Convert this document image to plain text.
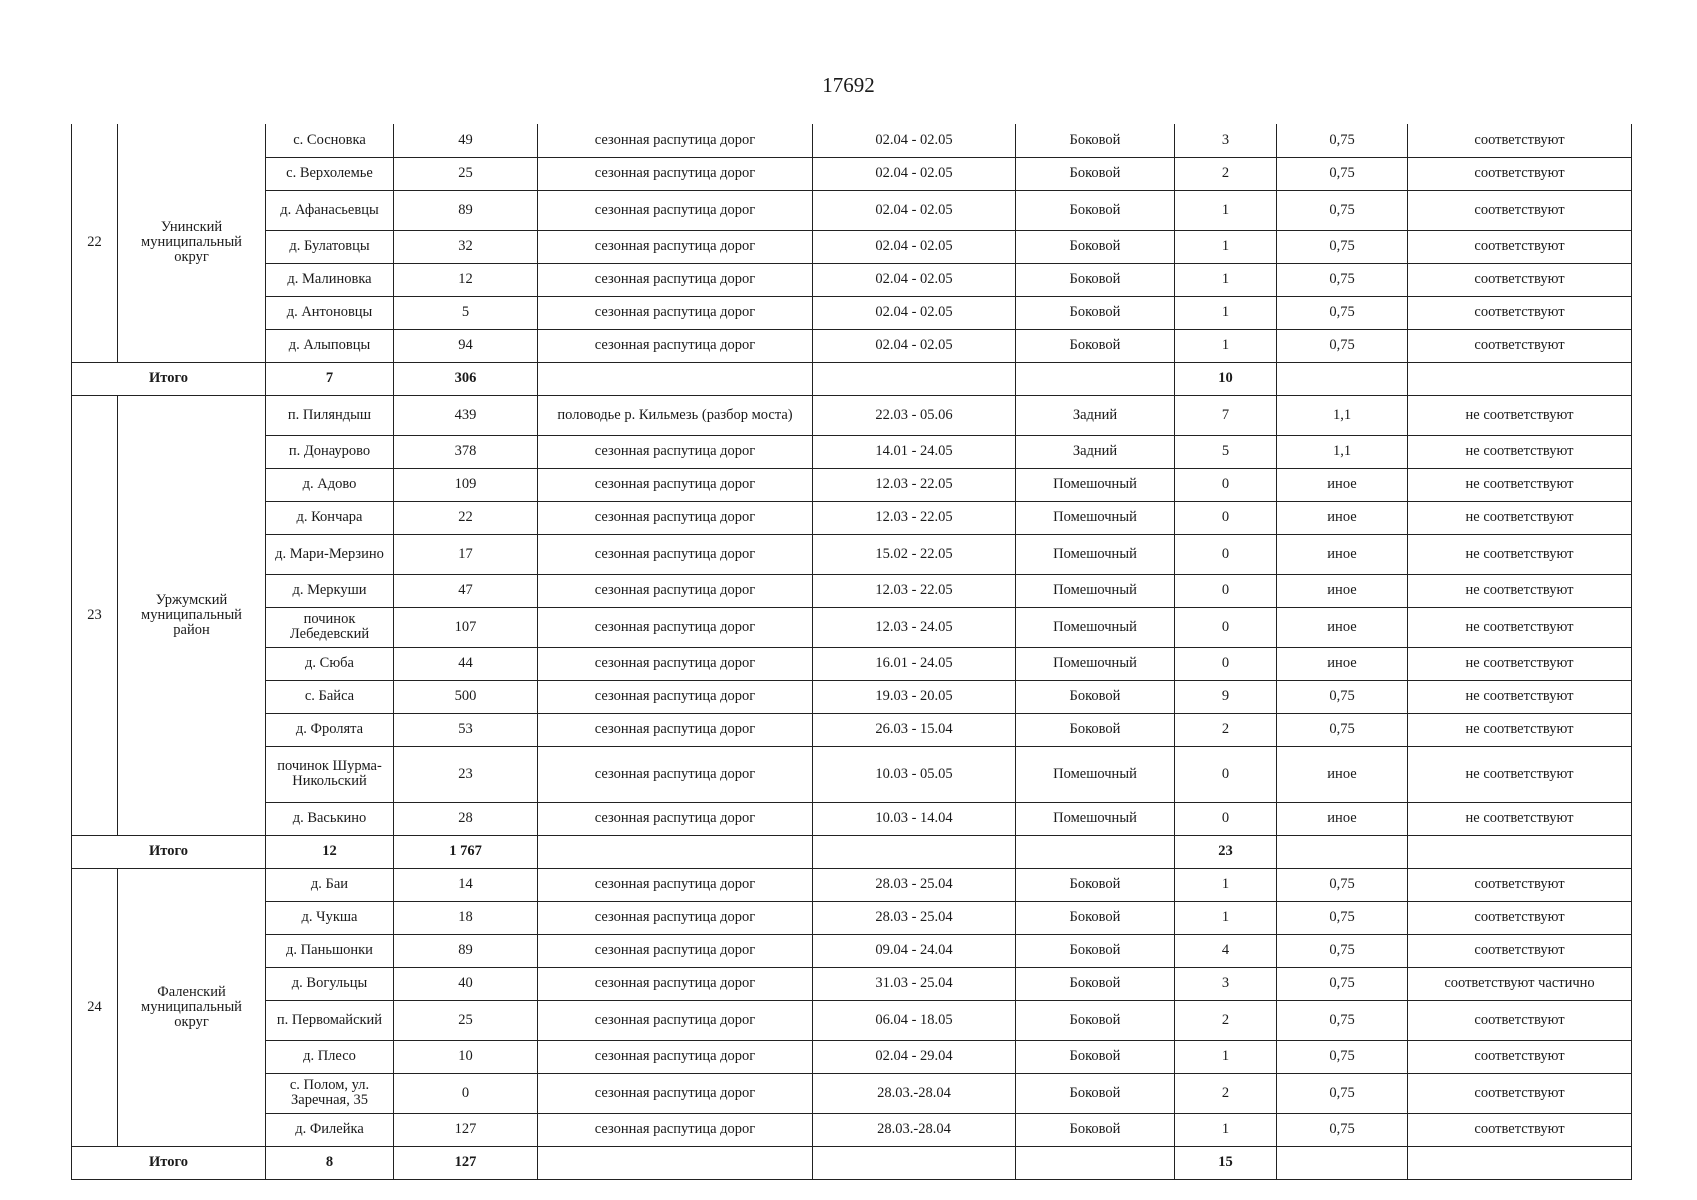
17692
22	Унинский муниципальный округ	с. Сосновка	49	сезонная распутица дорог	02.04 - 02.05	Боковой	3	0,75	соответствуют
		с. Верхолемье	25	сезонная распутица дорог	02.04 - 02.05	Боковой	2	0,75	соответствуют
		д. Афанасьевцы	89	сезонная распутица дорог	02.04 - 02.05	Боковой	1	0,75	соответствуют
		д. Булатовцы	32	сезонная распутица дорог	02.04 - 02.05	Боковой	1	0,75	соответствуют
		д. Малиновка	12	сезонная распутица дорог	02.04 - 02.05	Боковой	1	0,75	соответствуют
		д. Антоновцы	5	сезонная распутица дорог	02.04 - 02.05	Боковой	1	0,75	соответствуют
		д. Алыповцы	94	сезонная распутица дорог	02.04 - 02.05	Боковой	1	0,75	соответствуют
Итого		7	306				10		
23	Уржумский муниципальный район	п. Пиляндыш	439	половодье р. Кильмезь (разбор моста)	22.03 - 05.06	Задний	7	1,1	не соответствуют
		п. Донаурово	378	сезонная распутица дорог	14.01 - 24.05	Задний	5	1,1	не соответствуют
		д. Адово	109	сезонная распутица дорог	12.03 - 22.05	Помешочный	0	иное	не соответствуют
		д. Кончара	22	сезонная распутица дорог	12.03 - 22.05	Помешочный	0	иное	не соответствуют
		д. Мари-Мерзино	17	сезонная распутица дорог	15.02 - 22.05	Помешочный	0	иное	не соответствуют
		д. Меркуши	47	сезонная распутица дорог	12.03 - 22.05	Помешочный	0	иное	не соответствуют
		починок Лебедевский	107	сезонная распутица дорог	12.03 - 24.05	Помешочный	0	иное	не соответствуют
		д. Сюба	44	сезонная распутица дорог	16.01 - 24.05	Помешочный	0	иное	не соответствуют
		с. Байса	500	сезонная распутица дорог	19.03 - 20.05	Боковой	9	0,75	не соответствуют
		д. Фролята	53	сезонная распутица дорог	26.03 - 15.04	Боковой	2	0,75	не соответствуют
		починок Шурма-Никольский	23	сезонная распутица дорог	10.03 - 05.05	Помешочный	0	иное	не соответствуют
		д. Васькино	28	сезонная распутица дорог	10.03 - 14.04	Помешочный	0	иное	не соответствуют
Итого		12	1 767				23		
24	Фаленский муниципальный округ	д. Баи	14	сезонная распутица дорог	28.03 - 25.04	Боковой	1	0,75	соответствуют
		д. Чукша	18	сезонная распутица дорог	28.03 - 25.04	Боковой	1	0,75	соответствуют
		д. Паньшонки	89	сезонная распутица дорог	09.04 - 24.04	Боковой	4	0,75	соответствуют
		д. Вогульцы	40	сезонная распутица дорог	31.03 - 25.04	Боковой	3	0,75	соответствуют частично
		п. Первомайский	25	сезонная распутица дорог	06.04 - 18.05	Боковой	2	0,75	соответствуют
		д. Плесо	10	сезонная распутица дорог	02.04 - 29.04	Боковой	1	0,75	соответствуют
		с. Полом, ул. Заречная, 35	0	сезонная распутица дорог	28.03.-28.04	Боковой	2	0,75	соответствуют
		д. Филейка	127	сезонная распутица дорог	28.03.-28.04	Боковой	1	0,75	соответствуют
Итого		8	127				15		
